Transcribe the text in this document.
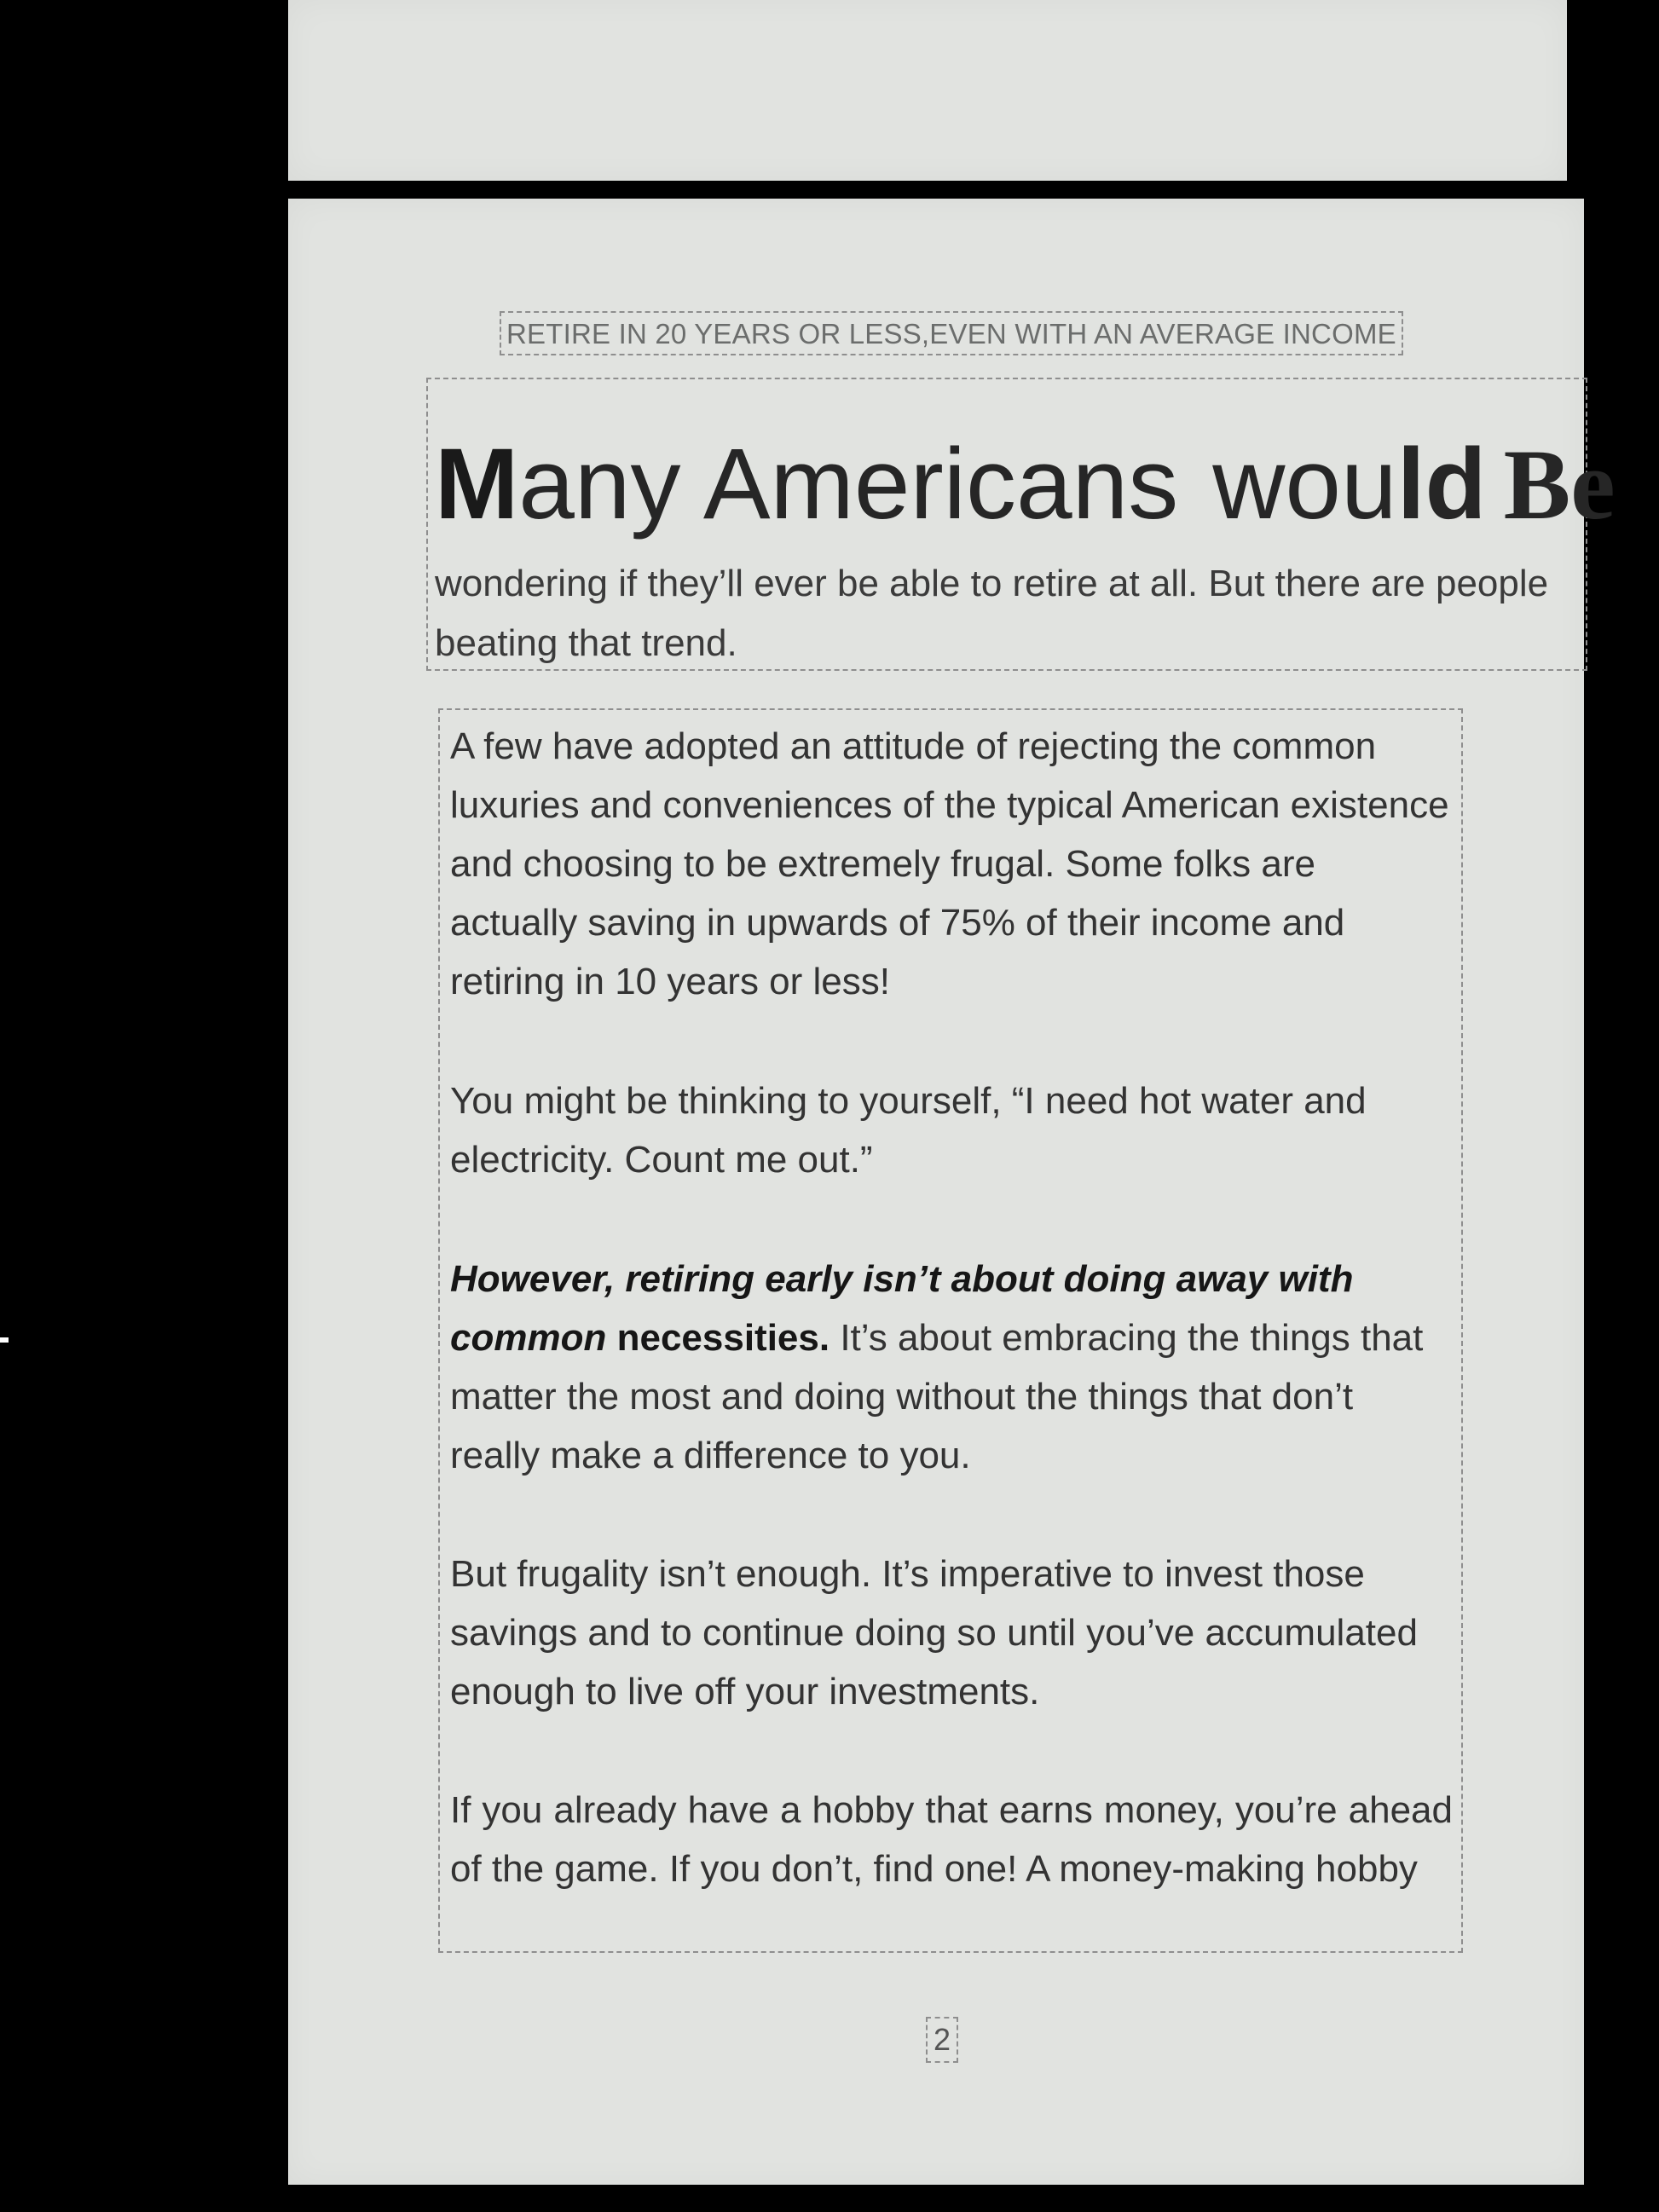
RETIRE IN 20 YEARS OR LESS,EVEN WITH AN AVERAGE INCOME
Many Americans would Be

wondering if they’ll ever be able to retire at all. But there are people beating that trend.

A few have adopted an attitude of rejecting the common luxuries and conveniences of the typical American existence and choosing to be extremely frugal. Some folks are actually saving in upwards of 75% of their income and retiring in 10 years or less!

You might be thinking to yourself, “I need hot water and electricity. Count me out.”

However, retiring early isn’t about doing away with common necessities. It’s about embracing the things that matter the most and doing without the things that don’t really make a difference to you.

But frugality isn’t enough. It’s imperative to invest those savings and to continue doing so until you’ve accumulated enough to live off your investments.

If you already have a hobby that earns money, you’re ahead of the game. If you don’t, find one! A money-making hobby

2
